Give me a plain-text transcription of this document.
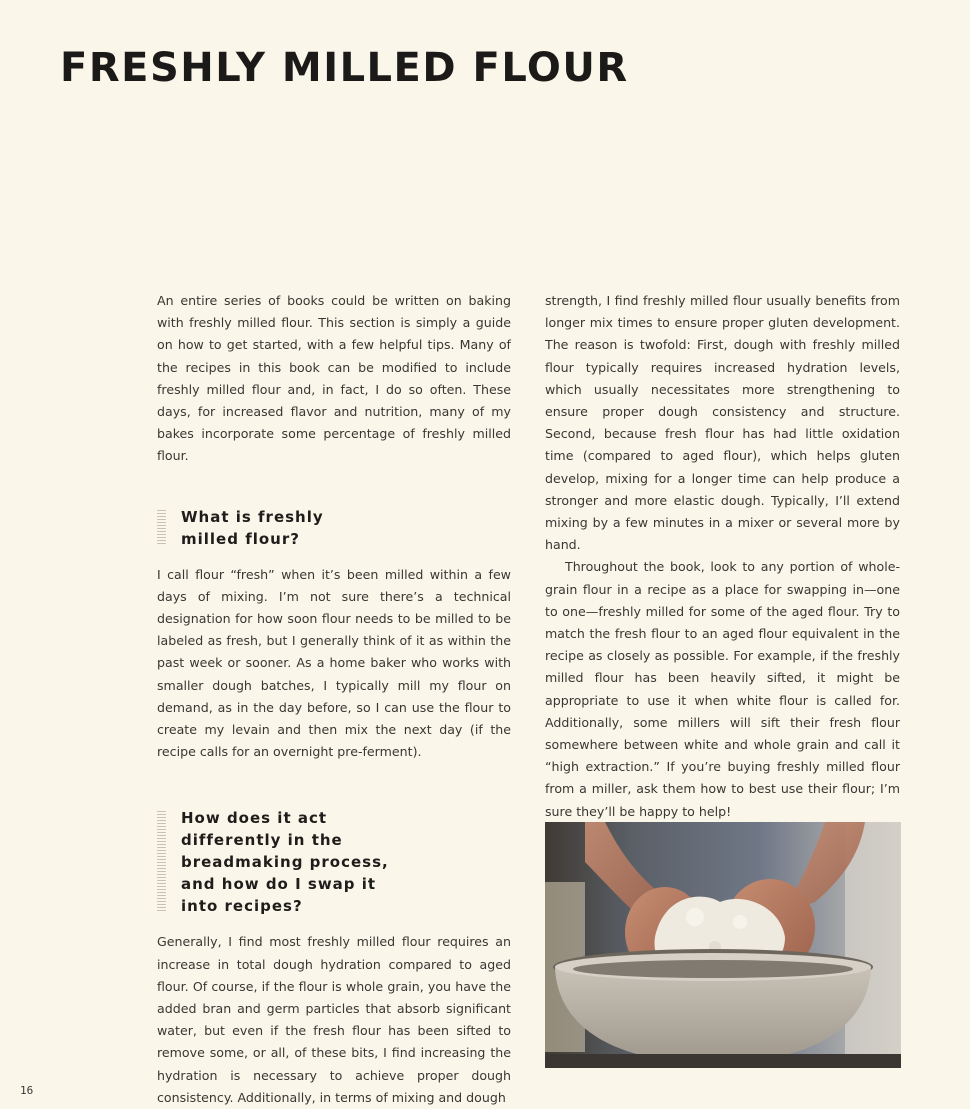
FRESHLY MILLED FLOUR

An entire series of books could be written on baking with freshly milled flour. This section is simply a guide on how to get started, with a few helpful tips. Many of the recipes in this book can be modified to include freshly milled flour and, in fact, I do so often. These days, for increased flavor and nutrition, many of my bakes incorporate some percentage of freshly milled flour.

What is freshly milled flour?

I call flour “fresh” when it’s been milled within a few days of mixing. I’m not sure there’s a technical designation for how soon flour needs to be milled to be labeled as fresh, but I generally think of it as within the past week or sooner. As a home baker who works with smaller dough batches, I typically mill my flour on demand, as in the day before, so I can use the flour to create my levain and then mix the next day (if the recipe calls for an overnight pre-ferment).

How does it act differently in the breadmaking process, and how do I swap it into recipes?

Generally, I find most freshly milled flour requires an increase in total dough hydration compared to aged flour. Of course, if the flour is whole grain, you have the added bran and germ particles that absorb significant water, but even if the fresh flour has been sifted to remove some, or all, of these bits, I find increasing the hydration is necessary to achieve proper dough consistency. Additionally, in terms of mixing and dough

strength, I find freshly milled flour usually benefits from longer mix times to ensure proper gluten development. The reason is twofold: First, dough with freshly milled flour typically requires increased hydration levels, which usually necessitates more strengthening to ensure proper dough consistency and structure. Second, because fresh flour has had little oxidation time (compared to aged flour), which helps gluten develop, mixing for a longer time can help produce a stronger and more elastic dough. Typically, I’ll extend mixing by a few minutes in a mixer or several more by hand.

Throughout the book, look to any portion of whole-grain flour in a recipe as a place for swapping in—one to one—freshly milled for some of the aged flour. Try to match the fresh flour to an aged flour equivalent in the recipe as closely as possible. For example, if the freshly milled flour has been heavily sifted, it might be appropriate to use it when white flour is called for. Additionally, some millers will sift their fresh flour somewhere between white and whole grain and call it “high extraction.” If you’re buying freshly milled flour from a miller, ask them how to best use their flour; I’m sure they’ll be happy to help!

16
